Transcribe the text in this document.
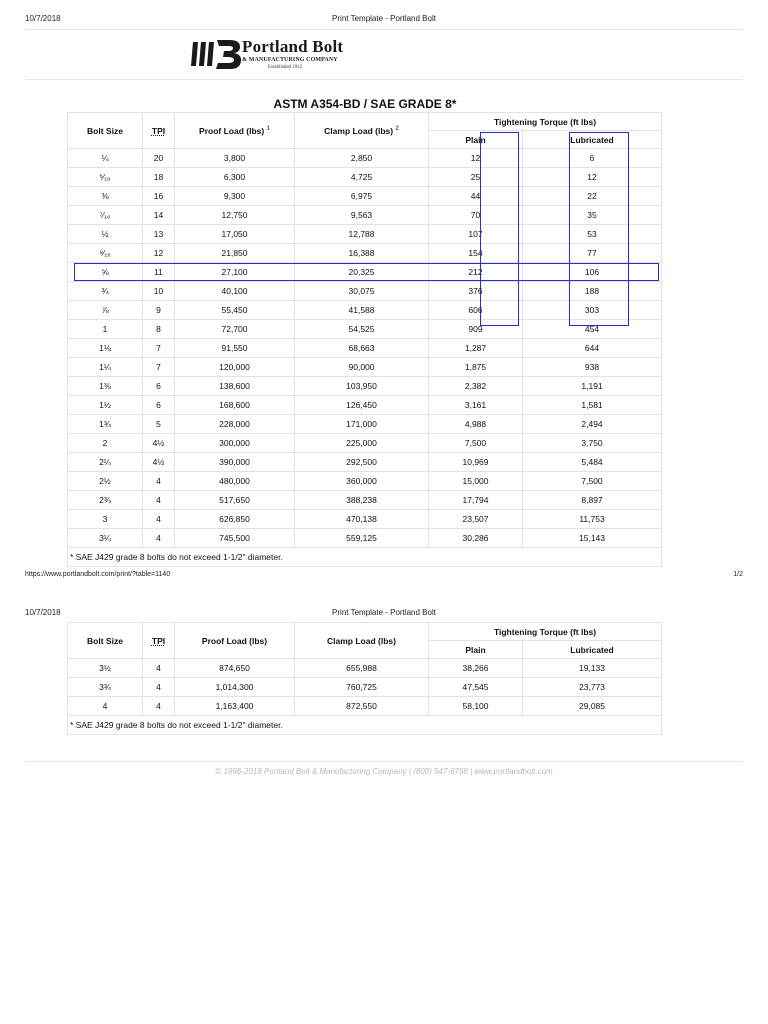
10/7/2018	Print Template - Portland Bolt
Portland Bolt
& MANUFACTURING COMPANY
Established 1912
ASTM A354-BD / SAE GRADE 8*
Bolt Size	TPI	Proof Load (lbs) $^1$	Clamp Load (lbs) $^2$	Tightening Torque (ft lbs)	
				Plain	Lubricated
¼	20	3,800	2,850	12	6
⁵⁄₁₆	18	6,300	4,725	25	12
⅜	16	9,300	6,975	44	22
⁷⁄₁₆	14	12,750	9,563	70	35
½	13	17,050	12,788	107	53
⁹⁄₁₆	12	21,850	16,388	154	77
⅝	11	27,100	20,325	212	106
¾	10	40,100	30,075	376	188
⅞	9	55,450	41,588	606	303
1	8	72,700	54,525	909	454
1⅛	7	91,550	68,663	1,287	644
1¼	7	120,000	90,000	1,875	938
1⅜	6	138,600	103,950	2,382	1,191
1½	6	168,600	126,450	3,161	1,581
1¾	5	228,000	171,000	4,988	2,494
2	4½	300,000	225,000	7,500	3,750
2¼	4½	390,000	292,500	10,969	5,484
2½	4	480,000	360,000	15,000	7,500
2¾	4	517,650	388,238	17,794	8,897
3	4	626,850	470,138	23,507	11,753
3¼	4	745,500	559,125	30,286	15,143
* SAE J429 grade 8 bolts do not exceed 1-1/2" diameter.					
https://www.portlandbolt.com/print/?table=1140	1/2
10/7/2018	Print Template - Portland Bolt
Bolt Size	TPI	Proof Load (lbs)	Clamp Load (lbs)	Tightening Torque (ft lbs)	
				Plain	Lubricated
3½	4	874,650	655,988	38,266	19,133
3¾	4	1,014,300	760,725	47,545	23,773
4	4	1,163,400	872,550	58,100	29,085
* SAE J429 grade 8 bolts do not exceed 1-1/2" diameter.					
© 1996-2018 Portland Bolt & Manufacturing Company | (800) 547-6758 | www.portlandbolt.com
